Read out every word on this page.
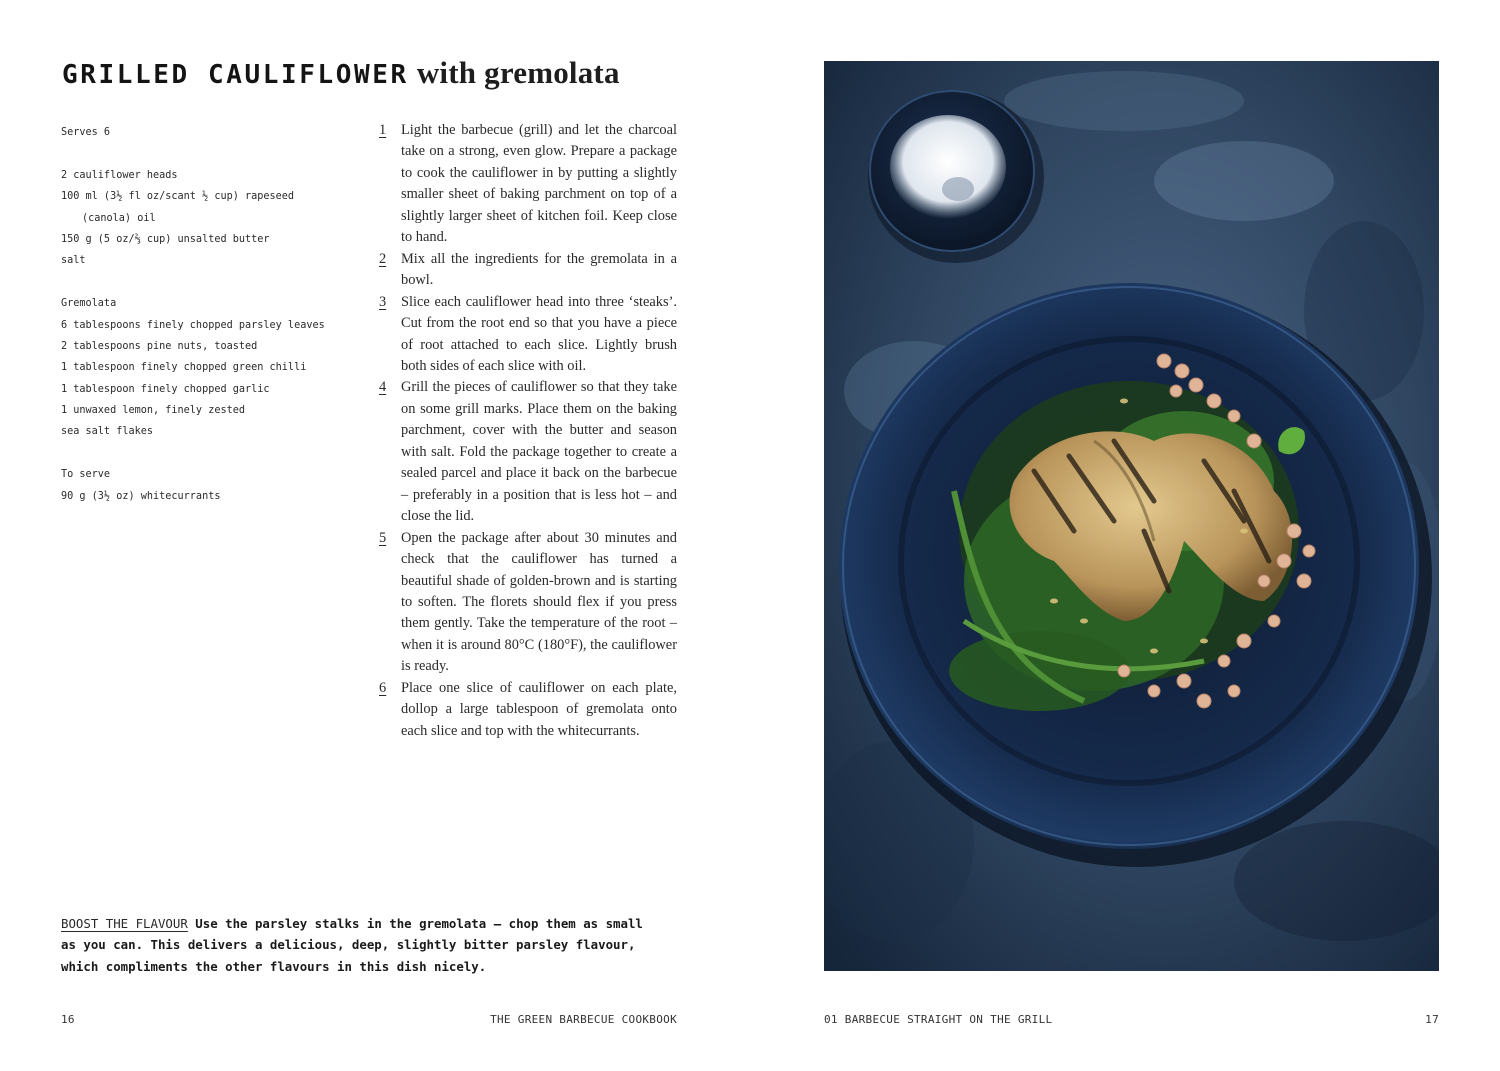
GRILLED CAULIFLOWER with gremolata
Serves 6
2 cauliflower heads
100 ml (3½ fl oz/scant ½ cup) rapeseed
(canola) oil
150 g (5 oz/⅔ cup) unsalted butter
salt
Gremolata
6 tablespoons finely chopped parsley leaves
2 tablespoons pine nuts, toasted
1 tablespoon finely chopped green chilli
1 tablespoon finely chopped garlic
1 unwaxed lemon, finely zested
sea salt flakes
To serve
90 g (3½ oz) whitecurrants
1 Light the barbecue (grill) and let the charcoal take on a strong, even glow. Prepare a package to cook the cauliflower in by putting a slightly smaller sheet of baking parchment on top of a slightly larger sheet of kitchen foil. Keep close to hand.
2 Mix all the ingredients for the gremolata in a bowl.
3 Slice each cauliflower head into three ‘steaks’. Cut from the root end so that you have a piece of root attached to each slice. Lightly brush both sides of each slice with oil.
4 Grill the pieces of cauliflower so that they take on some grill marks. Place them on the baking parchment, cover with the butter and season with salt. Fold the package together to create a sealed parcel and place it back on the barbecue – preferably in a position that is less hot – and close the lid.
5 Open the package after about 30 minutes and check that the cauliflower has turned a beautiful shade of golden-brown and is starting to soften. The florets should flex if you press them gently. Take the temperature of the root – when it is around 80°C (180°F), the cauliflower is ready.
6 Place one slice of cauliflower on each plate, dollop a large tablespoon of gremolata onto each slice and top with the whitecurrants.
BOOST THE FLAVOUR Use the parsley stalks in the gremolata – chop them as small as you can. This delivers a delicious, deep, slightly bitter parsley flavour, which compliments the other flavours in this dish nicely.
16	THE GREEN BARBECUE COOKBOOK	01 BARBECUE STRAIGHT ON THE GRILL	17
